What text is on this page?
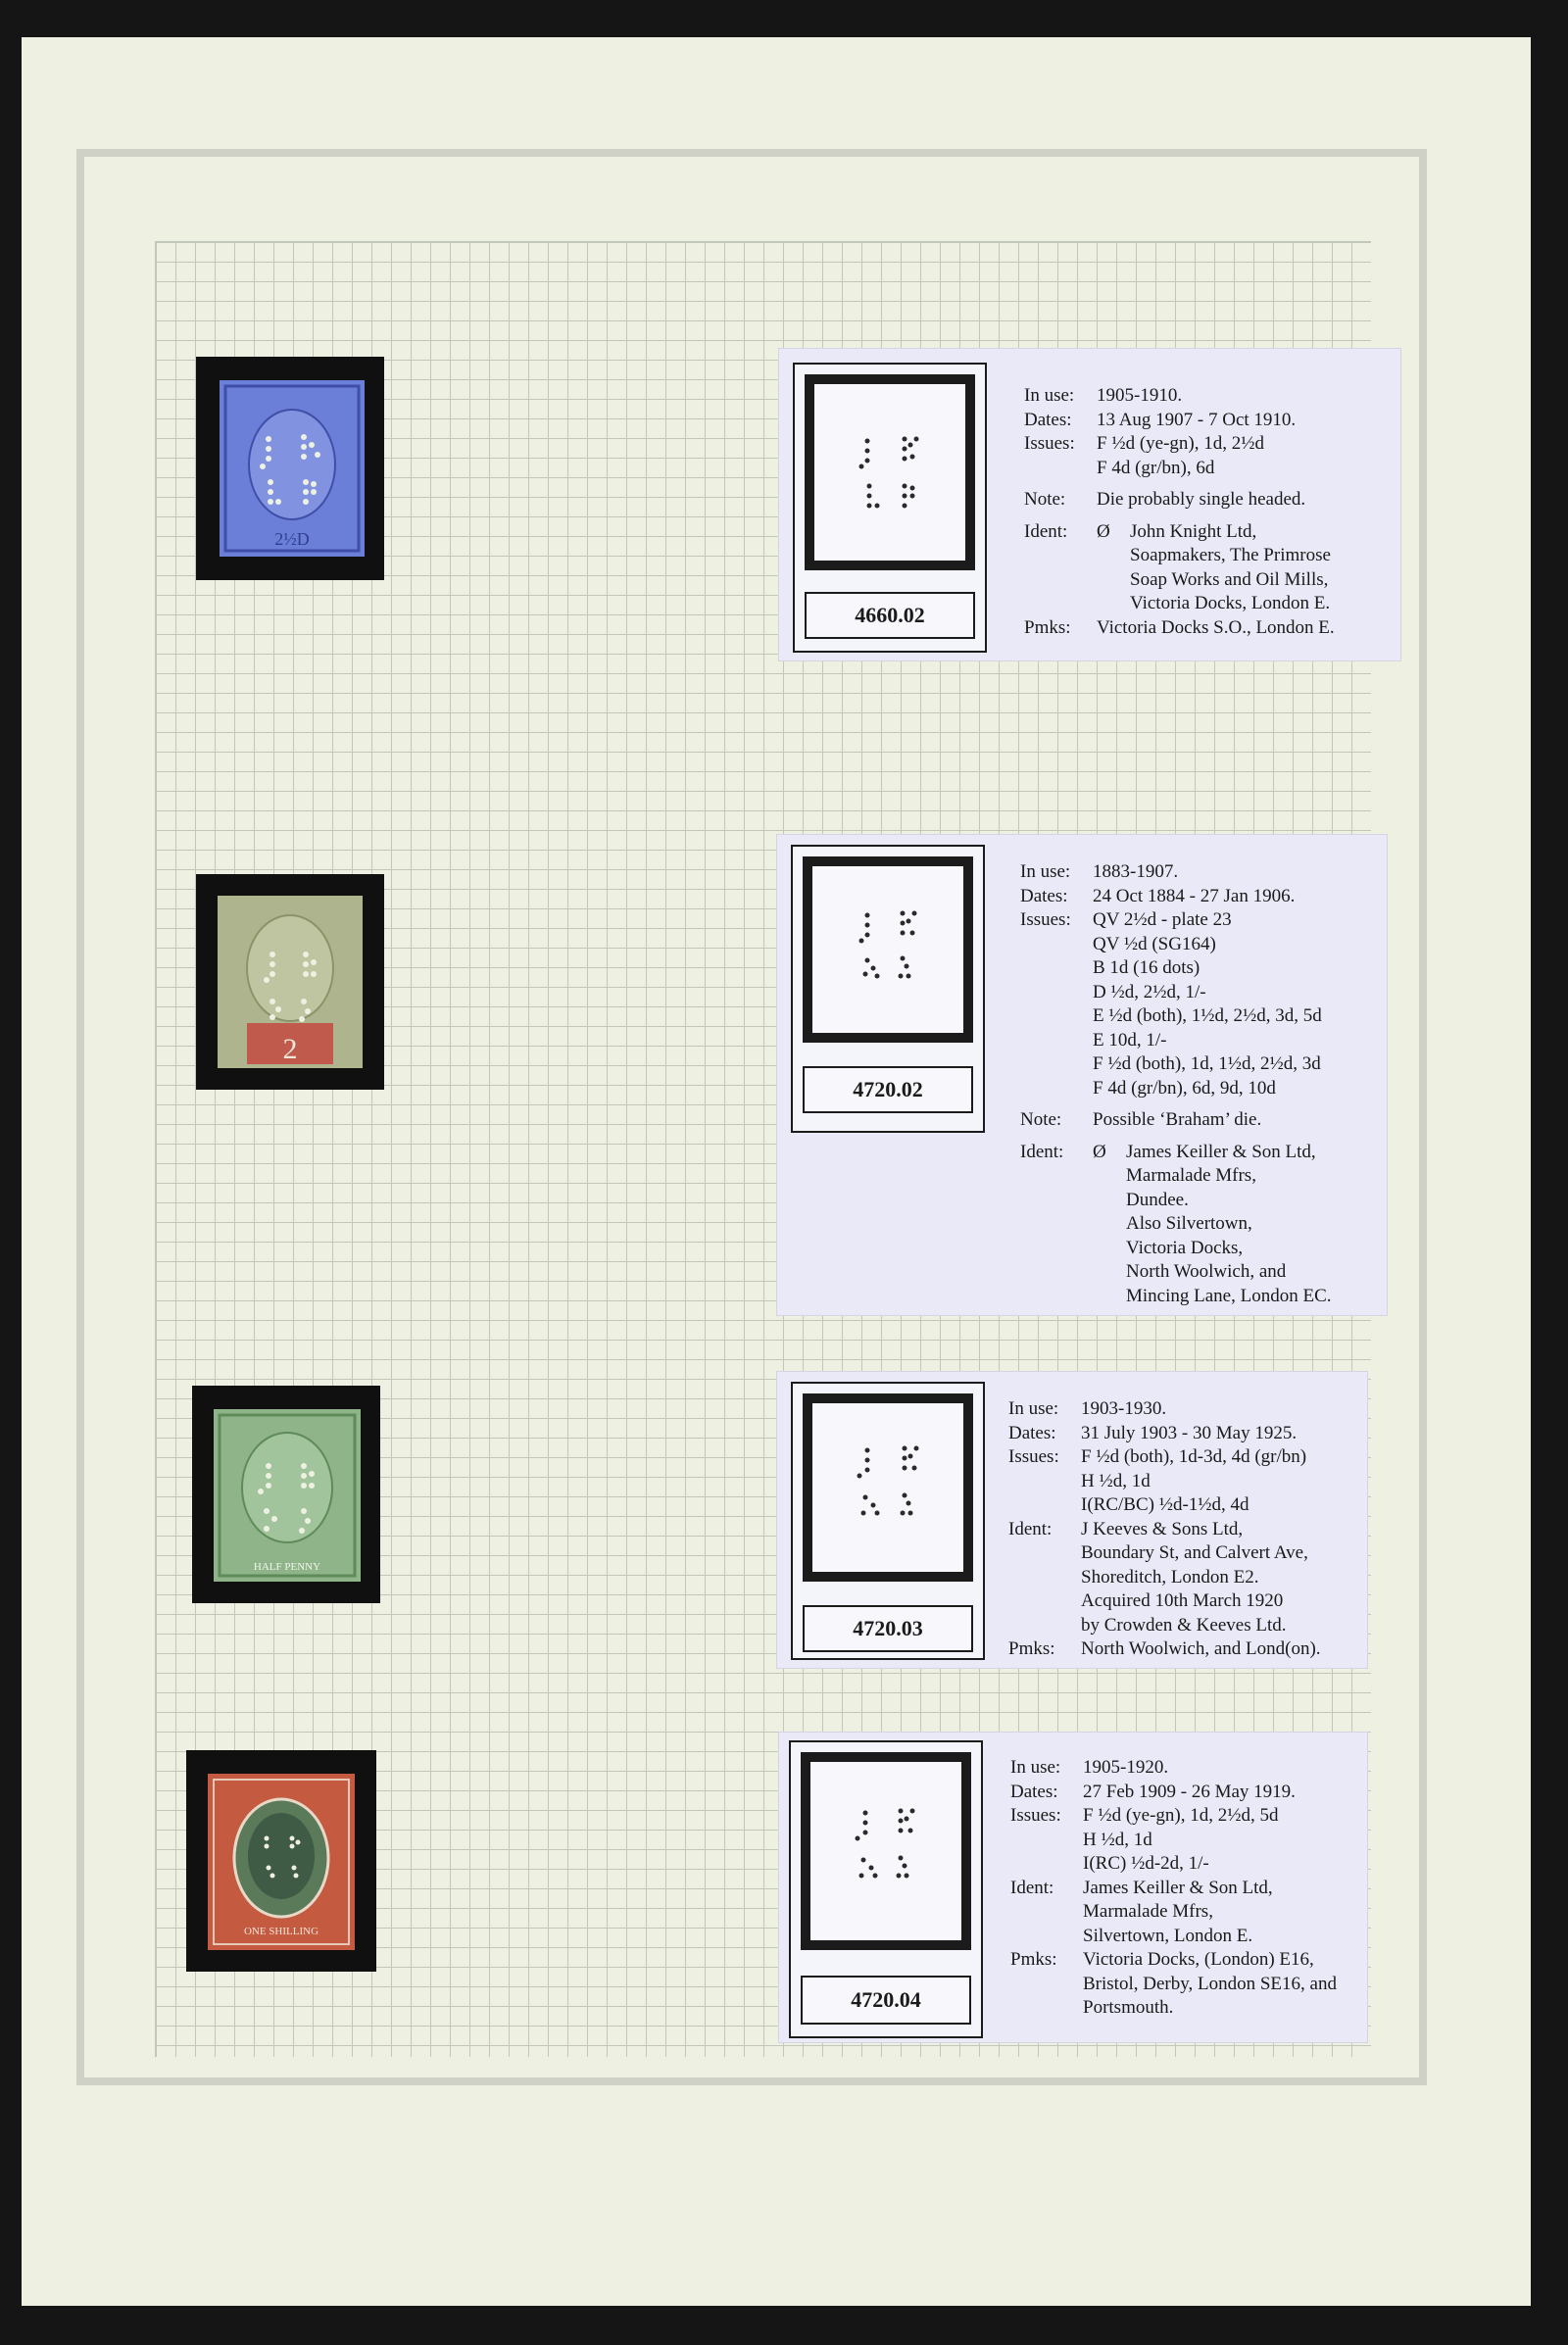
2½D
2
HALF PENNY
ONE SHILLING
4660.02
In use:	1905-1910.
Dates:	13 Aug 1907 - 7 Oct 1910.
Issues:	F ½d (ye-gn), 1d, 2½d
F 4d (gr/bn), 6d
Note:	Die probably single headed.
Ident:	Ø John Knight Ltd,
Soapmakers, The Primrose
Soap Works and Oil Mills,
Victoria Docks, London E.
Pmks:	Victoria Docks S.O., London E.
4720.02
In use:	1883-1907.
Dates:	24 Oct 1884 - 27 Jan 1906.
Issues:	QV 2½d - plate 23
QV ½d (SG164)
B 1d (16 dots)
D ½d, 2½d, 1/-
E ½d (both), 1½d, 2½d, 3d, 5d
E 10d, 1/-
F ½d (both), 1d, 1½d, 2½d, 3d
F 4d (gr/bn), 6d, 9d, 10d
Note:	Possible ‘Braham’ die.
Ident:	Ø James Keiller & Son Ltd,
Marmalade Mfrs,
Dundee.
Also Silvertown,
Victoria Docks,
North Woolwich, and
Mincing Lane, London EC.
4720.03
In use:	1903-1930.
Dates:	31 July 1903 - 30 May 1925.
Issues:	F ½d (both), 1d-3d, 4d (gr/bn)
H ½d, 1d
I(RC/BC) ½d-1½d, 4d
Ident:	J Keeves & Sons Ltd,
Boundary St, and Calvert Ave,
Shoreditch, London E2.
Acquired 10th March 1920
by Crowden & Keeves Ltd.
Pmks:	North Woolwich, and Lond(on).
4720.04
In use:	1905-1920.
Dates:	27 Feb 1909 - 26 May 1919.
Issues:	F ½d (ye-gn), 1d, 2½d, 5d
H ½d, 1d
I(RC) ½d-2d, 1/-
Ident:	James Keiller & Son Ltd,
Marmalade Mfrs,
Silvertown, London E.
Pmks:	Victoria Docks, (London) E16,
Bristol, Derby, London SE16, and
Portsmouth.
